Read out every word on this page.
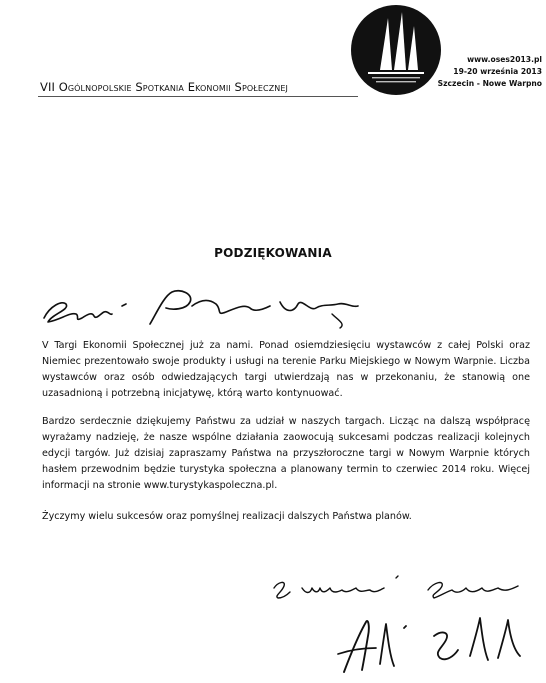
www.oses2013.pl
19-20 września 2013
Szczecin - Nowe Warpno
VII Ogólnopolskie Spotkania Ekonomii Społecznej
PODZIĘKOWANIA

V Targi Ekonomii Społecznej już za nami. Ponad osiemdziesięciu wystawców z całej Polski oraz Niemiec prezentowało swoje produkty i usługi na terenie Parku Miejskiego w Nowym Warpnie. Liczba wystawców oraz osób odwiedzających targi utwierdzają nas w przekonaniu, że stanowią one uzasadnioną i potrzebną inicjatywę, którą warto kontynuować.

Bardzo serdecznie dziękujemy Państwu za udział w naszych targach. Licząc na dalszą współpracę wyrażamy nadzieję, że nasze wspólne działania zaowocują sukcesami podczas realizacji kolejnych edycji targów. Już dzisiaj zapraszamy Państwa na przyszłoroczne targi w Nowym Warpnie których hasłem przewodnim będzie turystyka społeczna a planowany termin to czerwiec 2014 roku. Więcej informacji na stronie www.turystykaspoleczna.pl.

Życzymy wielu sukcesów oraz pomyślnej realizacji dalszych Państwa planów.
